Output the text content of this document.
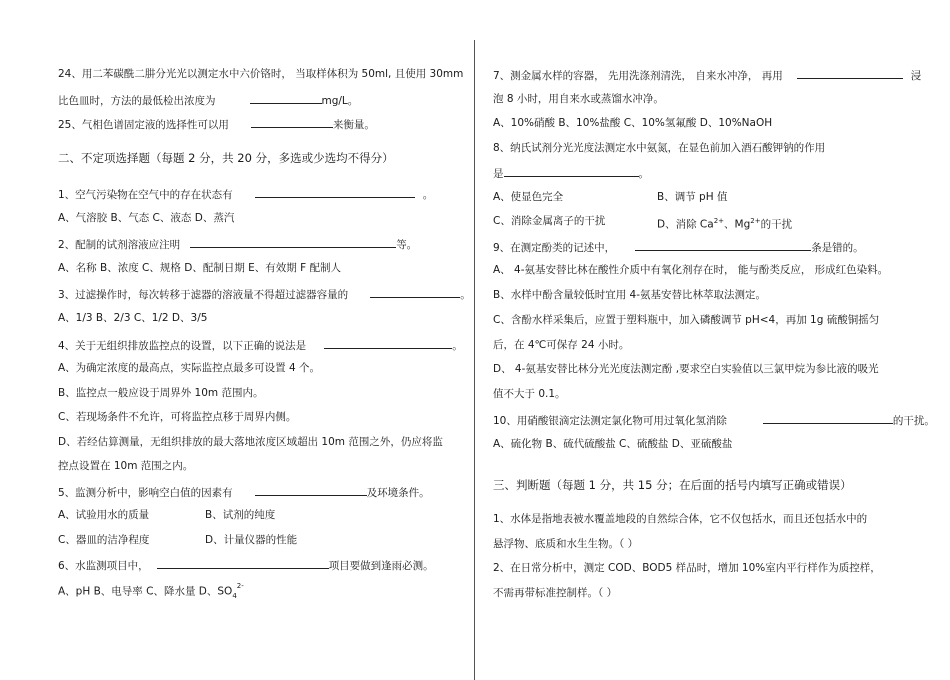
24、用二苯碳酰二肼分光光以测定水中六价铬时， 当取样体积为 50ml, 且使用 30mm
比色皿时，方法的最低检出浓度为	mg/L。
25、气相色谱固定液的选择性可以用	来衡量。
二、不定项选择题（每题 2 分，共 20 分，多选或少选均不得分）
1、空气污染物在空气中的存在状态有	。
A、气溶胶 B、气态 C、液态 D、蒸汽
2、配制的试剂溶液应注明	等。
A、名称 B、浓度 C、规格 D、配制日期 E、有效期 F 配制人
3、过滤操作时，每次转移于滤器的溶液量不得超过滤器容量的	。
A、1/3 B、2/3 C、1/2 D、3/5
4、关于无组织排放监控点的设置，以下正确的说法是	。
A、为确定浓度的最高点，实际监控点最多可设置 4 个。
B、监控点一般应设于周界外 10m 范围内。
C、若现场条件不允许，可将监控点移于周界内侧。
D、若经估算测量，无组织排放的最大落地浓度区域超出 10m 范围之外，仍应将监
控点设置在 10m 范围之内。
5、监测分析中，影响空白值的因素有	及环境条件。
A、试验用水的质量	B、试剂的纯度
C、器皿的洁净程度	D、计量仪器的性能
6、水监测项目中，	项目要做到逢雨必测。
A、pH B、电导率 C、降水量 D、$SO_4^{2-}$
7、测金属水样的容器， 先用洗涤剂清洗， 自来水冲净， 再用	浸
泡 8 小时，用自来水或蒸馏水冲净。
A、10%硝酸 B、10%盐酸 C、10%氢氟酸 D、10%NaOH
8、纳氏试剂分光光度法测定水中氨氮，在显色前加入酒石酸钾钠的作用
是	。
A、使显色完全	B、调节 pH 值
C、消除金属离子的干扰	D、消除 $Ca^{2+}$、$Mg^{2+}$的干扰
9、在测定酚类的记述中，	条是错的。
A、 4-氨基安替比林在酸性介质中有氧化剂存在时， 能与酚类反应， 形成红色染料。
B、水样中酚含量较低时宜用 4-氨基安替比林萃取法测定。
C、含酚水样采集后，应置于塑料瓶中，加入磷酸调节 pH<4，再加 1g 硫酸铜摇匀
后，在 4℃可保存 24 小时。
D、 4-氨基安替比林分光光度法测定酚 ,要求空白实验值以三氯甲烷为参比液的吸光
值不大于 0.1。
10、用硝酸银滴定法测定氯化物可用过氧化氢消除	的干扰。
A、硫化物 B、硫代硫酸盐 C、硫酸盐 D、亚硫酸盐
三、判断题（每题 1 分，共 15 分；在后面的括号内填写正确或错误）
1、水体是指地表被水覆盖地段的自然综合体，它不仅包括水，而且还包括水中的
悬浮物、底质和水生生物。（ ）
2、在日常分析中，测定 COD、BOD5 样品时，增加 10%室内平行样作为质控样，
不需再带标准控制样。（ ）
